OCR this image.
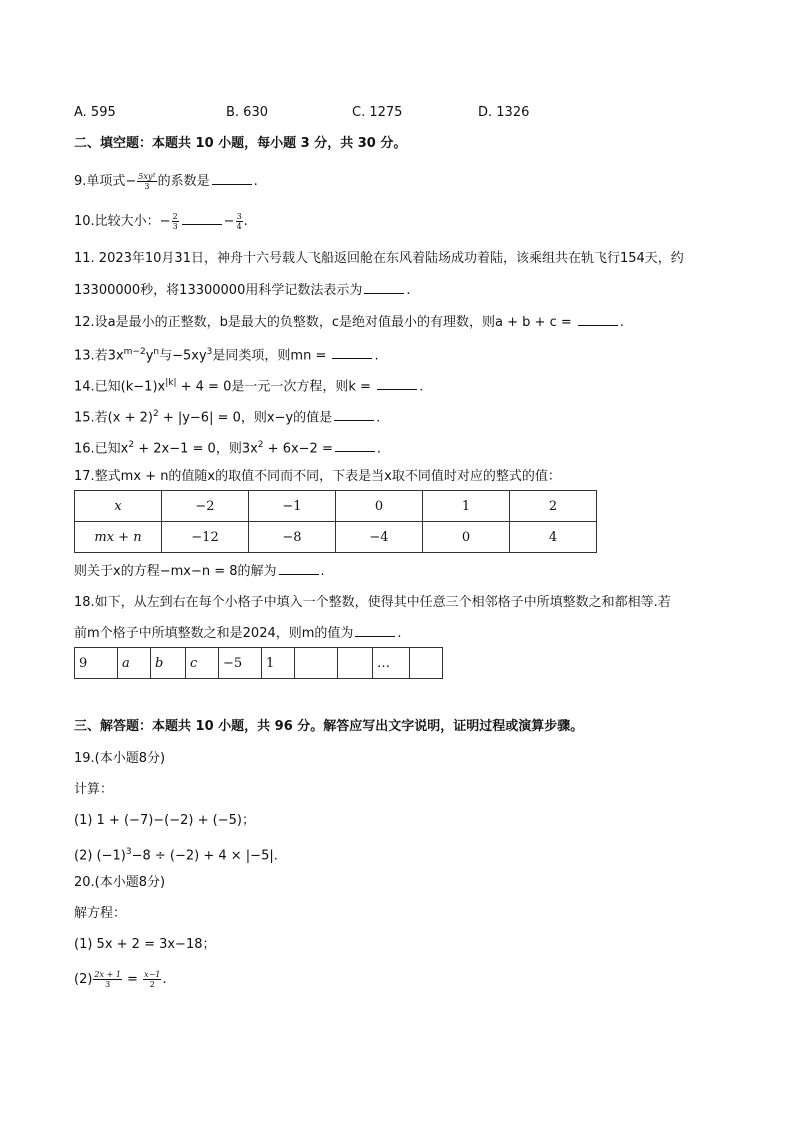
A. 595	B. 630	C. 1275	D. 1326
二、填空题：本题共 10 小题，每小题 3 分，共 30 分。
9.单项式− $\frac{\text{5xy²}}{3}$ 的系数是	.
10.比较大小：− $\frac{2}{3}$	− $\frac{3}{4}$ .
11. 2023年10月31日，神舟十六号载人飞船返回舱在东风着陆场成功着陆，该乘组共在轨飞行154天，约
13300000秒，将13300000用科学记数法表示为	.
12.设a是最小的正整数，b是最大的负整数，c是绝对值最小的有理数，则a + b + c =	.
13.若$3x^{m-2}y^n$与$-5xy^3$是同类项，则mn =	.
14.已知$(k-1)x^{|k|} + 4 = 0$是一元一次方程，则k =	.
15.若$(x + 2)^2 + |y-6| = 0$，则x−y的值是	.
16.已知$x^2 + 2x-1 = 0$，则$3x^2 + 6x-2$ =	.
17.整式mx + n的值随x的取值不同而不同，下表是当x取不同值时对应的整式的值：
x	−2	−1	0	1	2
mx + n	−12	−8	−4	0	4
则关于x的方程−mx−n = 8的解为	.
18.如下，从左到右在每个小格子中填入一个整数，使得其中任意三个相邻格子中所填整数之和都相等.若
前m个格子中所填整数之和是2024，则m的值为	.
9	a	b	c	−5	1			…	
三、解答题：本题共 10 小题，共 96 分。解答应写出文字说明，证明过程或演算步骤。
19.(本小题8分)
计算：
(1) 1 + (−7)−(−2) + (−5)；
(2) $(-1)^3-8 \div (-2) + 4 \times |-5|$.
20.(本小题8分)
解方程：
(1) 5x + 2 = 3x−18；
$(2) \frac{2x + 1}{3} = \frac{x-1}{2}$ .
